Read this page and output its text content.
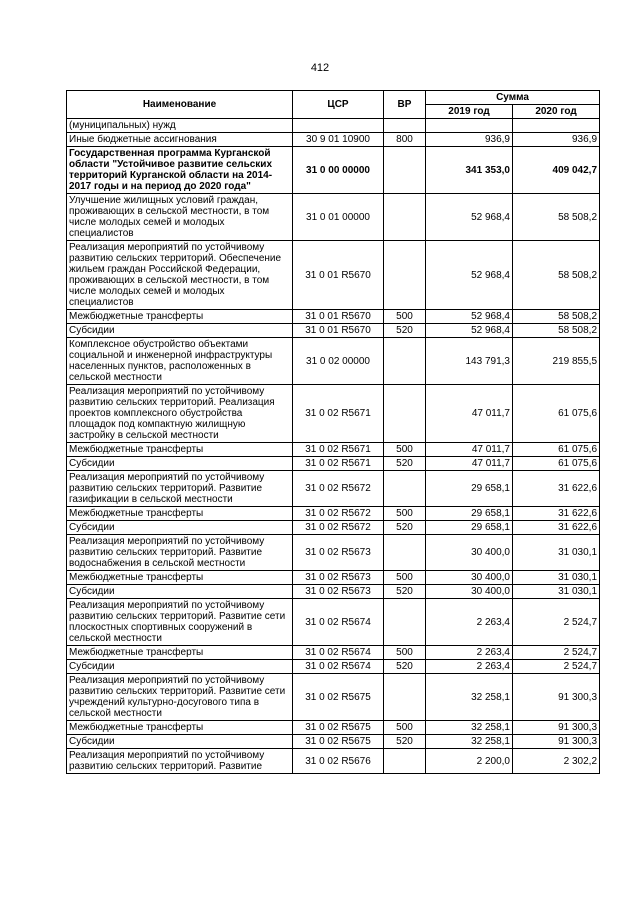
412
Наименование	ЦСР	ВР	Сумма	
			2019 год	2020 год
(муниципальных) нужд				
Иные бюджетные ассигнования	30 9 01 10900	800	936,9	936,9
Государственная программа Курганской области "Устойчивое развитие сельских территорий Курганской области на 2014-2017 годы и на период до 2020 года"	31 0 00 00000		341 353,0	409 042,7
Улучшение жилищных условий граждан, проживающих в сельской местности, в том числе молодых семей и молодых специалистов	31 0 01 00000		52 968,4	58 508,2
Реализация мероприятий по устойчивому развитию сельских территорий. Обеспечение жильем граждан Российской Федерации, проживающих в сельской местности, в том числе молодых семей и молодых специалистов	31 0 01 R5670		52 968,4	58 508,2
Межбюджетные трансферты	31 0 01 R5670	500	52 968,4	58 508,2
Субсидии	31 0 01 R5670	520	52 968,4	58 508,2
Комплексное обустройство объектами социальной и инженерной инфраструктуры населенных пунктов, расположенных в сельской местности	31 0 02 00000		143 791,3	219 855,5
Реализация мероприятий по устойчивому развитию сельских территорий. Реализация проектов комплексного обустройства площадок под компактную жилищную застройку в сельской местности	31 0 02 R5671		47 011,7	61 075,6
Межбюджетные трансферты	31 0 02 R5671	500	47 011,7	61 075,6
Субсидии	31 0 02 R5671	520	47 011,7	61 075,6
Реализация мероприятий по устойчивому развитию сельских территорий. Развитие газификации в сельской местности	31 0 02 R5672		29 658,1	31 622,6
Межбюджетные трансферты	31 0 02 R5672	500	29 658,1	31 622,6
Субсидии	31 0 02 R5672	520	29 658,1	31 622,6
Реализация мероприятий по устойчивому развитию сельских территорий. Развитие водоснабжения в сельской местности	31 0 02 R5673		30 400,0	31 030,1
Межбюджетные трансферты	31 0 02 R5673	500	30 400,0	31 030,1
Субсидии	31 0 02 R5673	520	30 400,0	31 030,1
Реализация мероприятий по устойчивому развитию сельских территорий. Развитие сети плоскостных спортивных сооружений в сельской местности	31 0 02 R5674		2 263,4	2 524,7
Межбюджетные трансферты	31 0 02 R5674	500	2 263,4	2 524,7
Субсидии	31 0 02 R5674	520	2 263,4	2 524,7
Реализация мероприятий по устойчивому развитию сельских территорий. Развитие сети учреждений культурно-досугового типа в сельской местности	31 0 02 R5675		32 258,1	91 300,3
Межбюджетные трансферты	31 0 02 R5675	500	32 258,1	91 300,3
Субсидии	31 0 02 R5675	520	32 258,1	91 300,3
Реализация мероприятий по устойчивому развитию сельских территорий. Развитие	31 0 02 R5676		2 200,0	2 302,2
